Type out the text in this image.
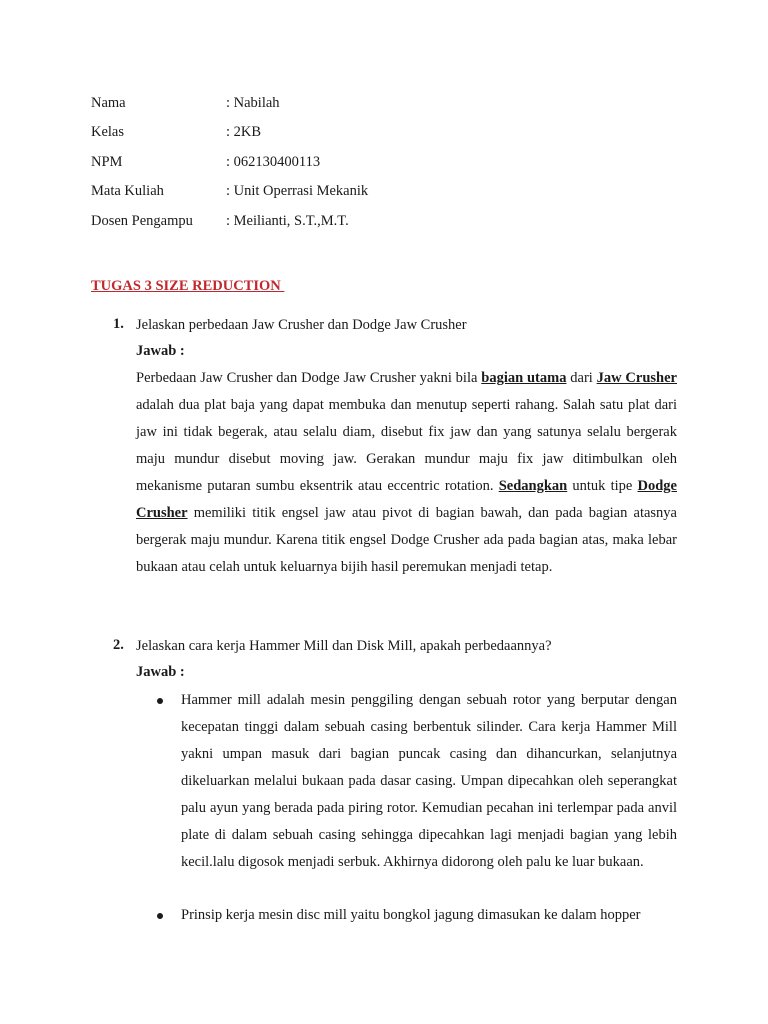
Nama	: Nabilah
Kelas	: 2KB
NPM	: 062130400113
Mata Kuliah	: Unit Operrasi Mekanik
Dosen Pengampu : Meilianti, S.T.,M.T.
TUGAS 3 SIZE REDUCTION
1. Jelaskan perbedaan Jaw Crusher dan Dodge Jaw Crusher
Jawab :
Perbedaan Jaw Crusher dan Dodge Jaw Crusher yakni bila bagian utama dari Jaw Crusher adalah dua plat baja yang dapat membuka dan menutup seperti rahang. Salah satu plat dari jaw ini tidak begerak, atau selalu diam, disebut fix jaw dan yang satunya selalu bergerak maju mundur disebut moving jaw. Gerakan mundur maju fix jaw ditimbulkan oleh mekanisme putaran sumbu eksentrik atau eccentric rotation. Sedangkan untuk tipe Dodge Crusher memiliki titik engsel jaw atau pivot di bagian bawah, dan pada bagian atasnya bergerak maju mundur. Karena titik engsel Dodge Crusher ada pada bagian atas, maka lebar bukaan atau celah untuk keluarnya bijih hasil peremukan menjadi tetap.
2. Jelaskan cara kerja Hammer Mill dan Disk Mill, apakah perbedaannya?
Jawab :
Hammer mill adalah mesin penggiling dengan sebuah rotor yang berputar dengan kecepatan tinggi dalam sebuah casing berbentuk silinder. Cara kerja Hammer Mill yakni umpan masuk dari bagian puncak casing dan dihancurkan, selanjutnya dikeluarkan melalui bukaan pada dasar casing. Umpan dipecahkan oleh seperangkat palu ayun yang berada pada piring rotor. Kemudian pecahan ini terlempar pada anvil plate di dalam sebuah casing sehingga dipecahkan lagi menjadi bagian yang lebih kecil.lalu digosok menjadi serbuk. Akhirnya didorong oleh palu ke luar bukaan.
Prinsip kerja mesin disc mill yaitu bongkol jagung dimasukan ke dalam hopper
